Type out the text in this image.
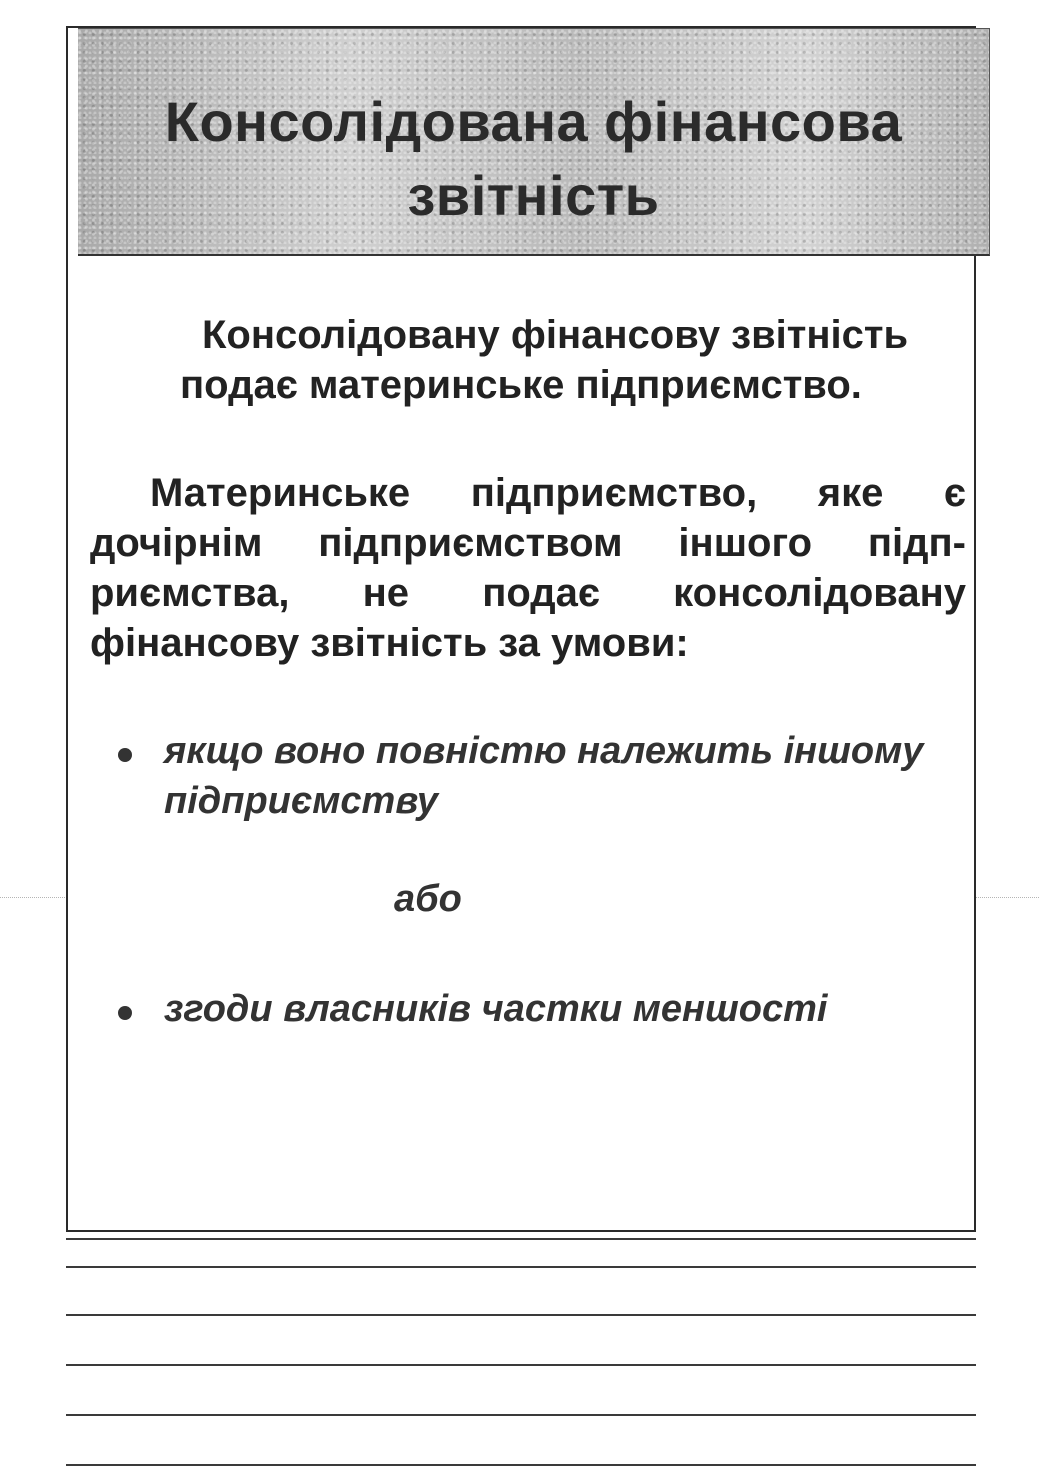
Консолідована фінансова звітність

Консолідовану фінансову звітність подає материнське підприємство.

Материнське підприємство, яке є дочірнім підприємством іншого підприємства, не подає консолідовану фінансову звітність за умови:

якщо воно повністю належить іншому підприємству

або

згоди власників частки меншості
